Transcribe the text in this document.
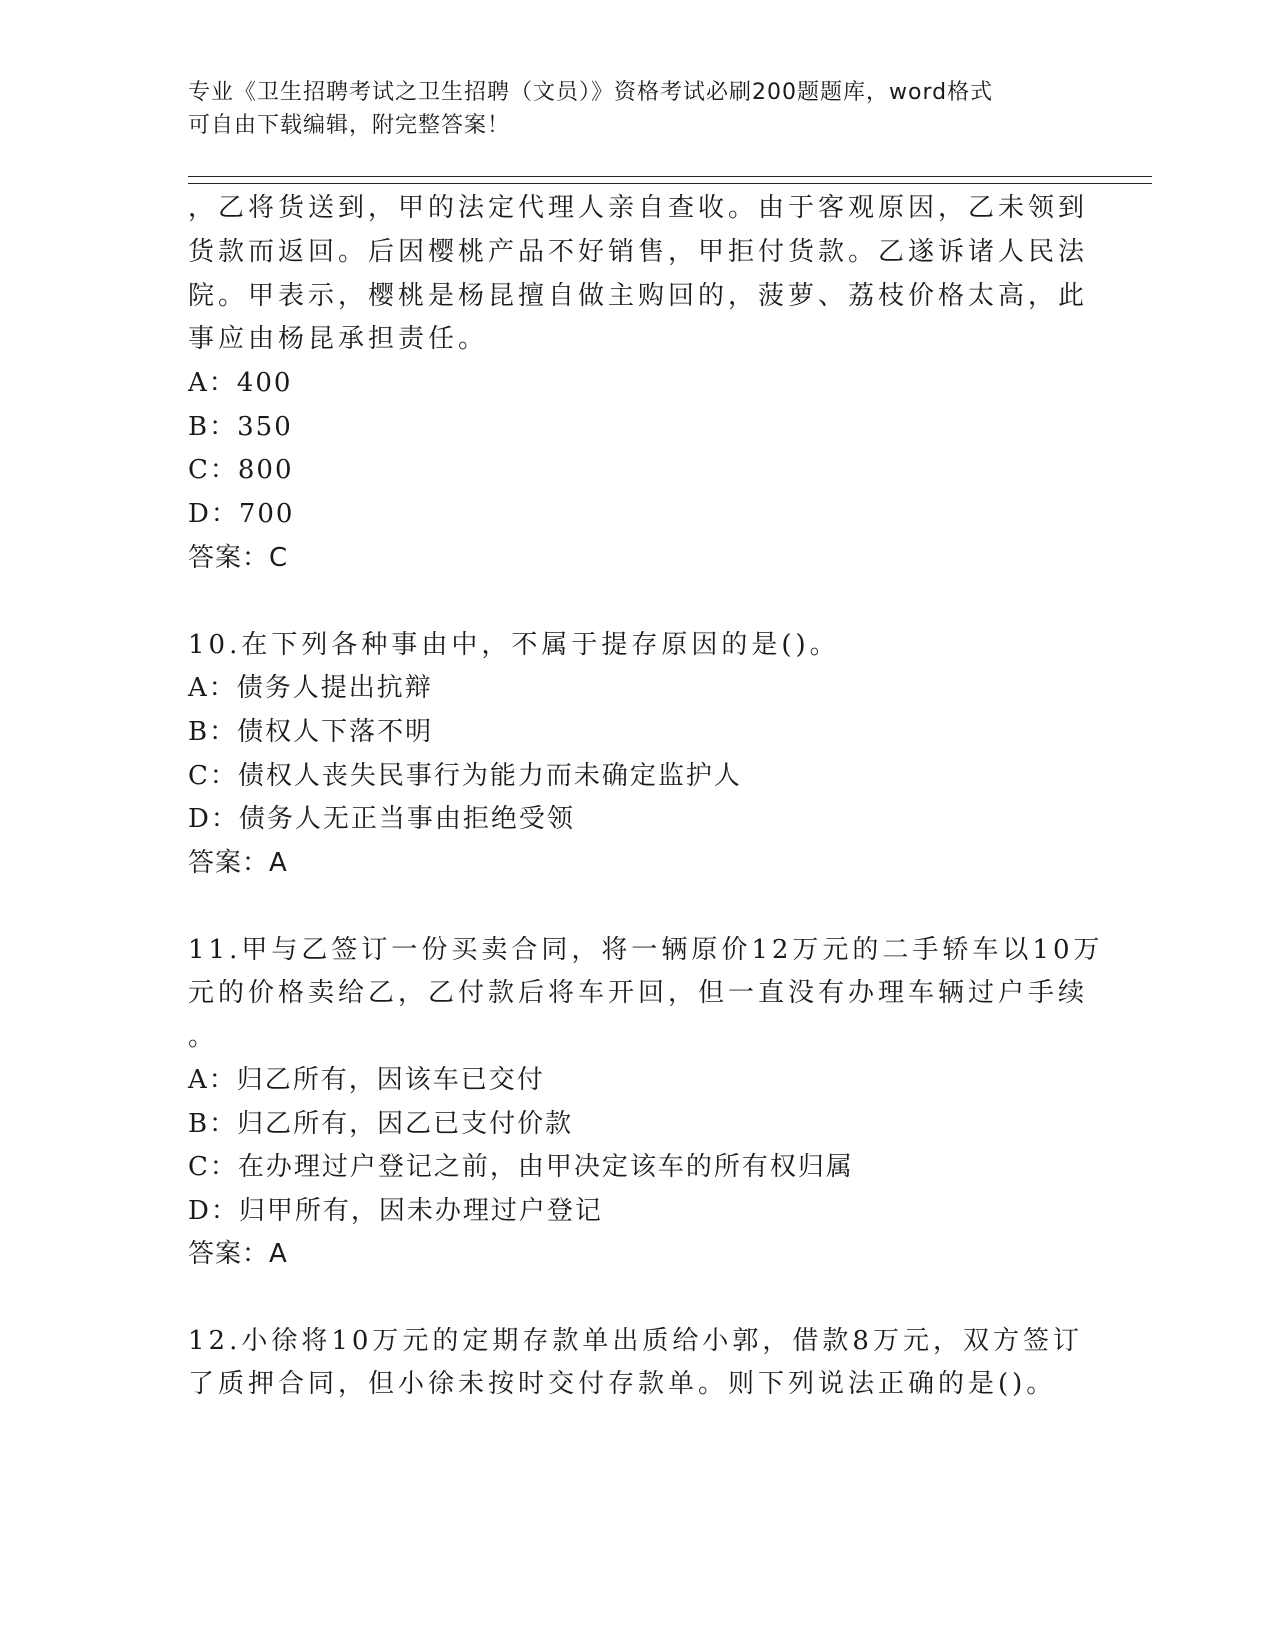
专业《卫生招聘考试之卫生招聘（文员）》资格考试必刷200题题库，word格式
可自由下载编辑，附完整答案！
，乙将货送到，甲的法定代理人亲自查收。由于客观原因，乙未领到
货款而返回。后因樱桃产品不好销售，甲拒付货款。乙遂诉诸人民法
院。甲表示，樱桃是杨昆擅自做主购回的，菠萝、荔枝价格太高，此
事应由杨昆承担责任。
A：400
B：350
C：800
D：700
答案：C
10.在下列各种事由中，不属于提存原因的是()。
A：债务人提出抗辩
B：债权人下落不明
C：债权人丧失民事行为能力而未确定监护人
D：债务人无正当事由拒绝受领
答案：A
11.甲与乙签订一份买卖合同，将一辆原价12万元的二手轿车以10万
元的价格卖给乙，乙付款后将车开回，但一直没有办理车辆过户手续
。
A：归乙所有，因该车已交付
B：归乙所有，因乙已支付价款
C：在办理过户登记之前，由甲决定该车的所有权归属
D：归甲所有，因未办理过户登记
答案：A
12.小徐将10万元的定期存款单出质给小郭，借款8万元，双方签订
了质押合同，但小徐未按时交付存款单。则下列说法正确的是()。
